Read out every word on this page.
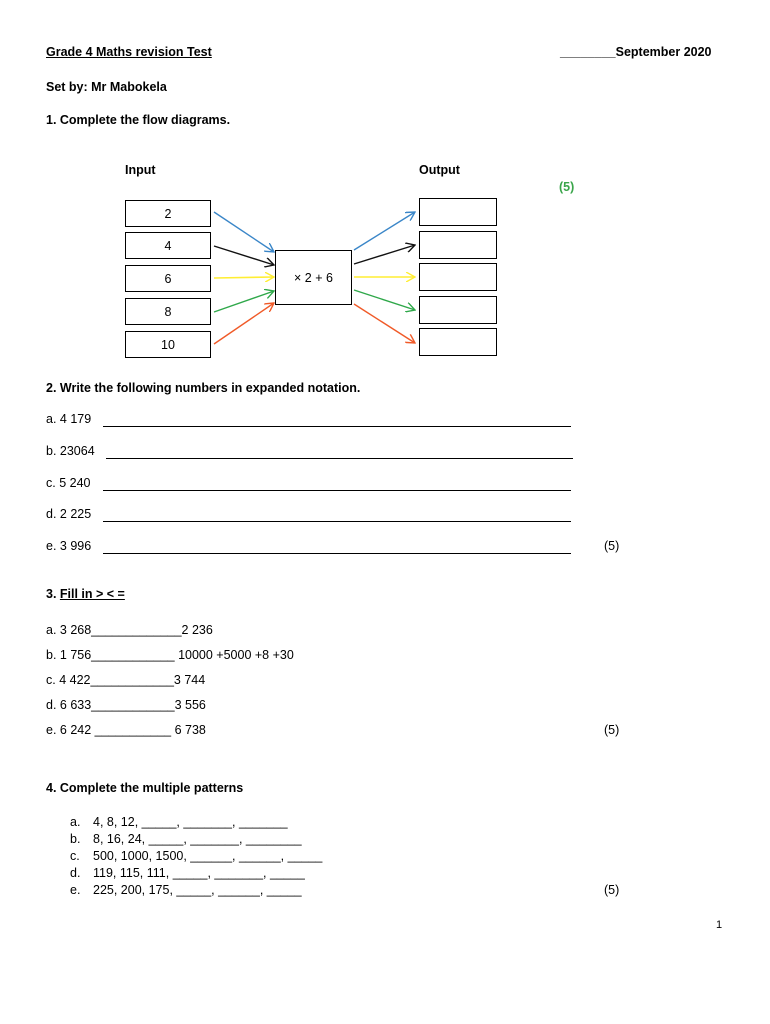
Grade 4 Maths revision Test	________September 2020
Set by: Mr Mabokela
1. Complete the flow diagrams.
Input	Output
(5)
2
4
6
8
10
× 2 + 6
2. Write the following numbers in expanded notation.
a. 4 179
b. 23064
c. 5 240
d. 2 225
e. 3 996	(5)
3. Fill in > < =
a. 3 268_____________2 236
b. 1 756____________ 10000 +5000 +8 +30
c. 4 422____________3 744
d. 6 633____________3 556
e. 6 242 ___________ 6 738	(5)
4. Complete the multiple patterns
a. 4, 8, 12, _____, _______, _______
b. 8, 16, 24, _____, _______, ________
c. 500, 1000, 1500, ______, ______, _____
d. 119, 115, 111, _____, _______, _____
e. 225, 200, 175, _____, ______, _____	(5)
1
